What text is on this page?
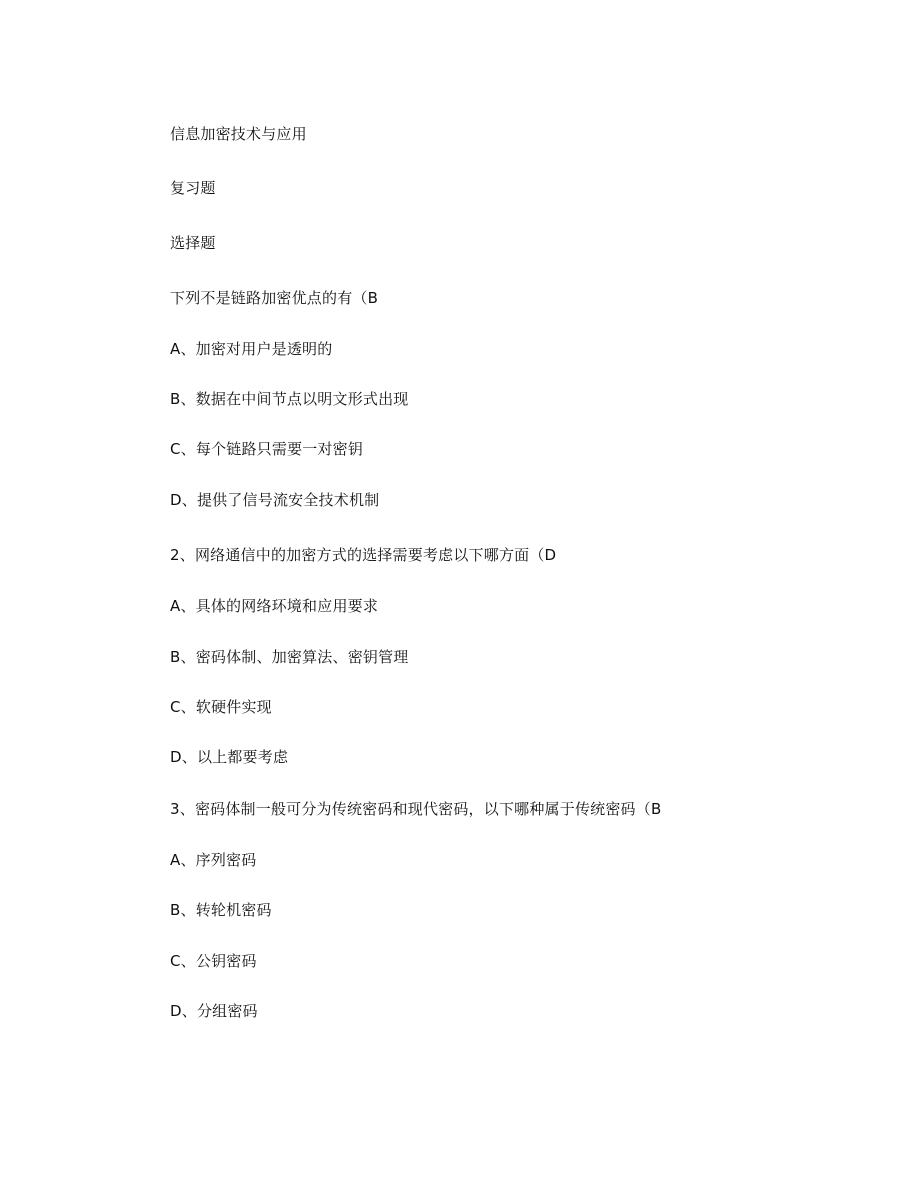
信息加密技术与应用
复习题
选择题
下列不是链路加密优点的有（B
A、加密对用户是透明的
B、数据在中间节点以明文形式出现
C、每个链路只需要一对密钥
D、提供了信号流安全技术机制
2、网络通信中的加密方式的选择需要考虑以下哪方面（D
A、具体的网络环境和应用要求
B、密码体制、加密算法、密钥管理
C、软硬件实现
D、以上都要考虑
3、密码体制一般可分为传统密码和现代密码，以下哪种属于传统密码（B
A、序列密码
B、转轮机密码
C、公钥密码
D、分组密码
